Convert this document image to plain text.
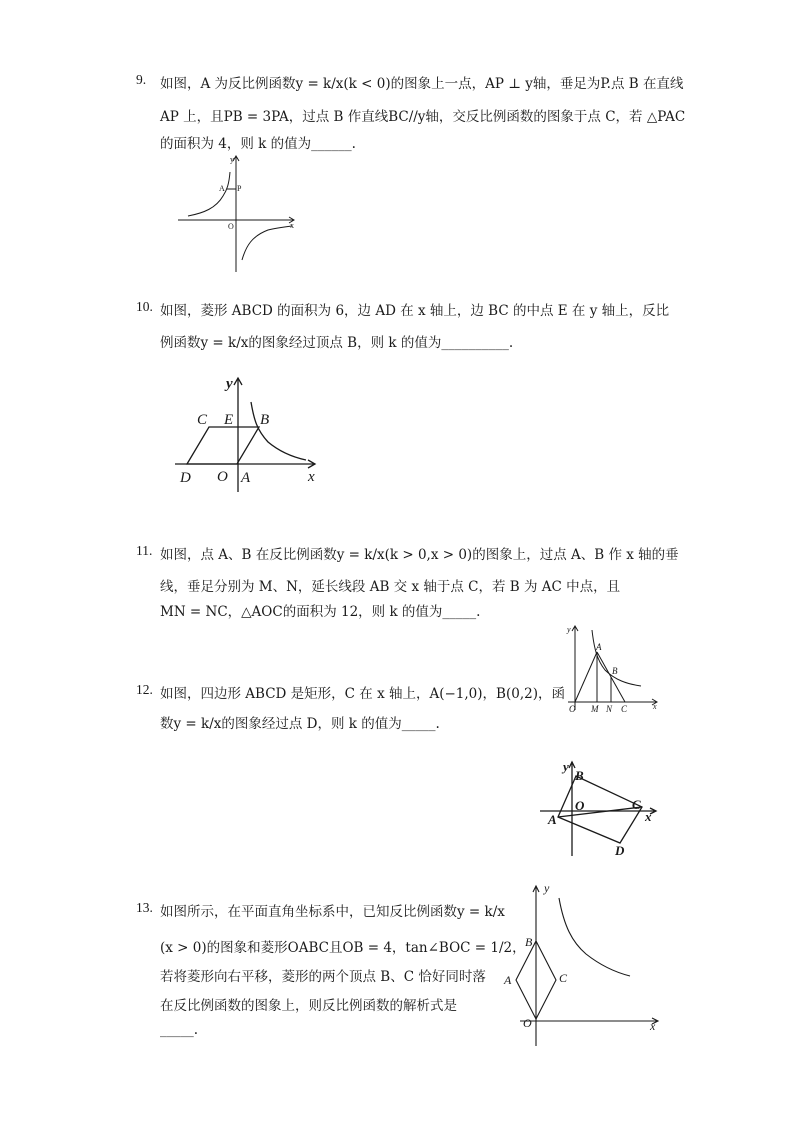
9.	如图，A 为反比例函数y = k/x(k < 0)的图象上一点，AP ⊥ y轴，垂足为P.点 B 在直线
AP 上，且PB = 3PA，过点 B 作直线BC//y轴，交反比例函数的图象于点 C，若 △PAC
的面积为 4，则 k 的值为______.
y
x
O
A P
10. 如图，菱形 ABCD 的面积为 6，边 AD 在 x 轴上，边 BC 的中点 E 在 y 轴上，反比
例函数y = k/x的图象经过顶点 B，则 k 的值为__________.
y
x
O A
B
C
D
E
11. 如图，点 A、B 在反比例函数y = k/x(k > 0,x > 0)的图象上，过点 A、B 作 x 轴的垂
线，垂足分别为 M、N，延长线段 AB 交 x 轴于点 C，若 B 为 AC 中点，且
MN = NC，△AOC的面积为 12，则 k 的值为_____.
y
x
O
A
B
M N C
12. 如图，四边形 ABCD 是矩形，C 在 x 轴上，A(−1,0)，B(0,2)，函
数y = k/x的图象经过点 D，则 k 的值为_____.
y
x
O
A
B
C
D
13. 如图所示，在平面直角坐标系中，已知反比例函数y = k/x
(x > 0)的图象和菱形OABC且OB = 4，tan∠BOC = 1/2，
若将菱形向右平移，菱形的两个顶点 B、C 恰好同时落
在反比例函数的图象上，则反比例函数的解析式是
_____.
y
x
O
A
B
C
